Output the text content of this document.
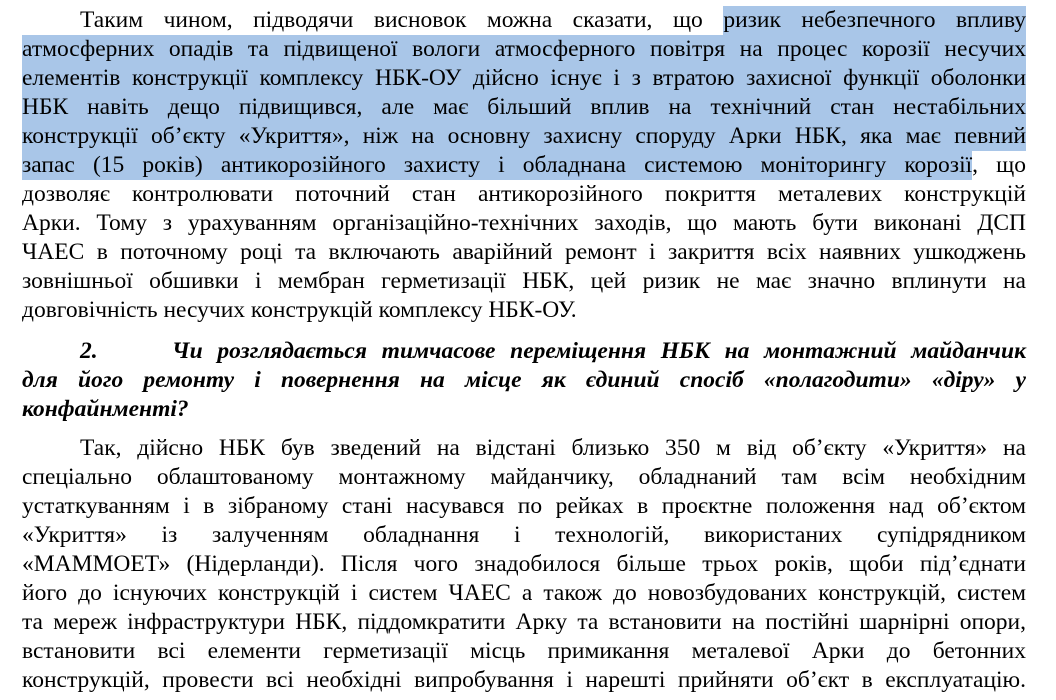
Таким чином, підводячи висновок можна сказати, що ризик небезпечного впливу
атмосферних опадів та підвищеної вологи атмосферного повітря на процес корозії несучих
елементів конструкції комплексу НБК-ОУ дійсно існує і з втратою захисної функції оболонки
НБК навіть дещо підвищився, але має більший вплив на технічний стан нестабільних
конструкції об’єкту «Укриття», ніж на основну захисну споруду Арки НБК, яка має певний
запас (15 років) антикорозійного захисту і обладнана системою моніторингу корозії, що
дозволяє контролювати поточний стан антикорозійного покриття металевих конструкцій
Арки. Тому з урахуванням організаційно-технічних заходів, що мають бути виконані ДСП
ЧАЕС в поточному році та включають аварійний ремонт і закриття всіх наявних ушкоджень
зовнішньої обшивки і мембран герметизації НБК, цей ризик не має значно вплинути на
довговічність несучих конструкцій комплексу НБК-ОУ.
2.	Чи розглядається тимчасове переміщення НБК на монтажний майданчик
для його ремонту і повернення на місце як єдиний спосіб «полагодити» «діру» у
конфайнменті?
Так, дійсно НБК був зведений на відстані близько 350 м від об’єкту «Укриття» на
спеціально облаштованому монтажному майданчику, обладнаний там всім необхідним
устаткуванням і в зібраному стані насувався по рейках в проєктне положення над об’єктом
«Укриття» із залученням обладнання і технологій, використаних супідрядником
«МАММОЕТ» (Нідерланди). Після чого знадобилося більше трьох років, щоби під’єднати
його до існуючих конструкцій і систем ЧАЕС а також до новозбудованих конструкцій, систем
та мереж інфраструктури НБК, піддомкратити Арку та встановити на постійні шарнірні опори,
встановити всі елементи герметизації місць примикання металевої Арки до бетонних
конструкцій, провести всі необхідні випробування і нарешті прийняти об’єкт в експлуатацію.
